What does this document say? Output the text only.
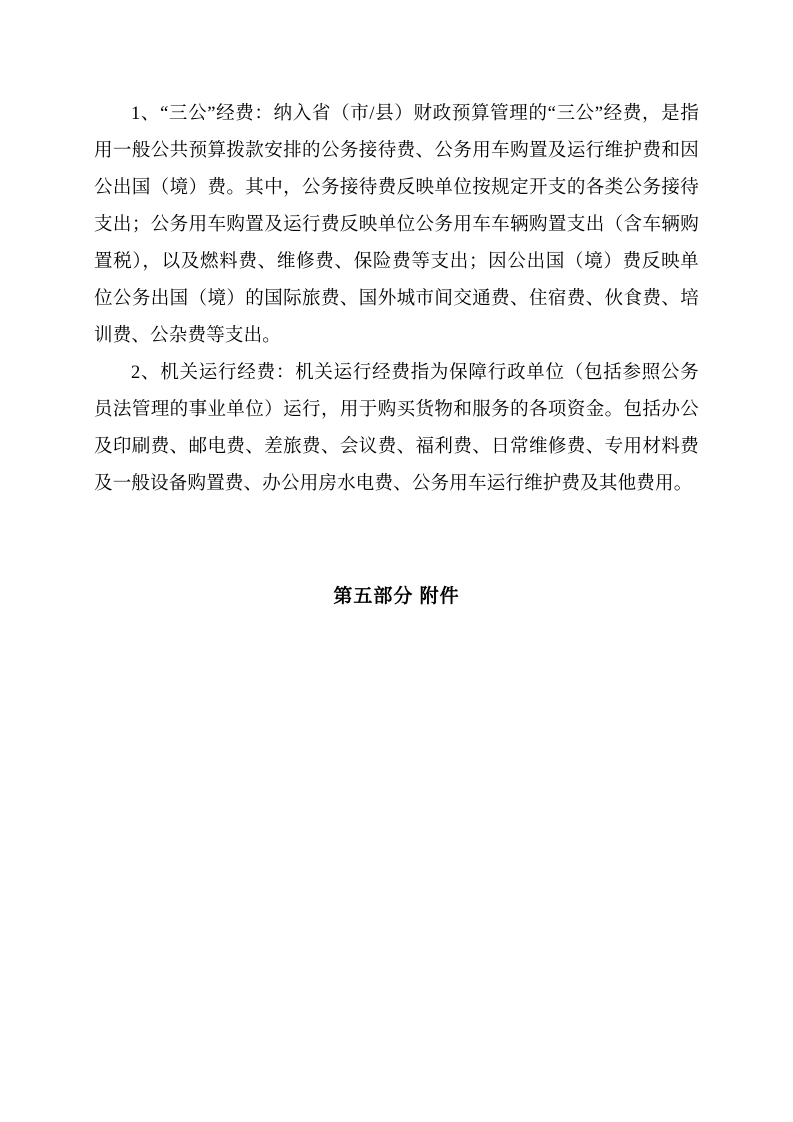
1、“三公”经费：纳入省（市/县）财政预算管理的“三公”经费，是指用一般公共预算拨款安排的公务接待费、公务用车购置及运行维护费和因公出国（境）费。其中，公务接待费反映单位按规定开支的各类公务接待支出；公务用车购置及运行费反映单位公务用车车辆购置支出（含车辆购置税），以及燃料费、维修费、保险费等支出；因公出国（境）费反映单位公务出国（境）的国际旅费、国外城市间交通费、住宿费、伙食费、培训费、公杂费等支出。

2、机关运行经费：机关运行经费指为保障行政单位（包括参照公务员法管理的事业单位）运行，用于购买货物和服务的各项资金。包括办公及印刷费、邮电费、差旅费、会议费、福利费、日常维修费、专用材料费及一般设备购置费、办公用房水电费、公务用车运行维护费及其他费用。

第五部分 附件
